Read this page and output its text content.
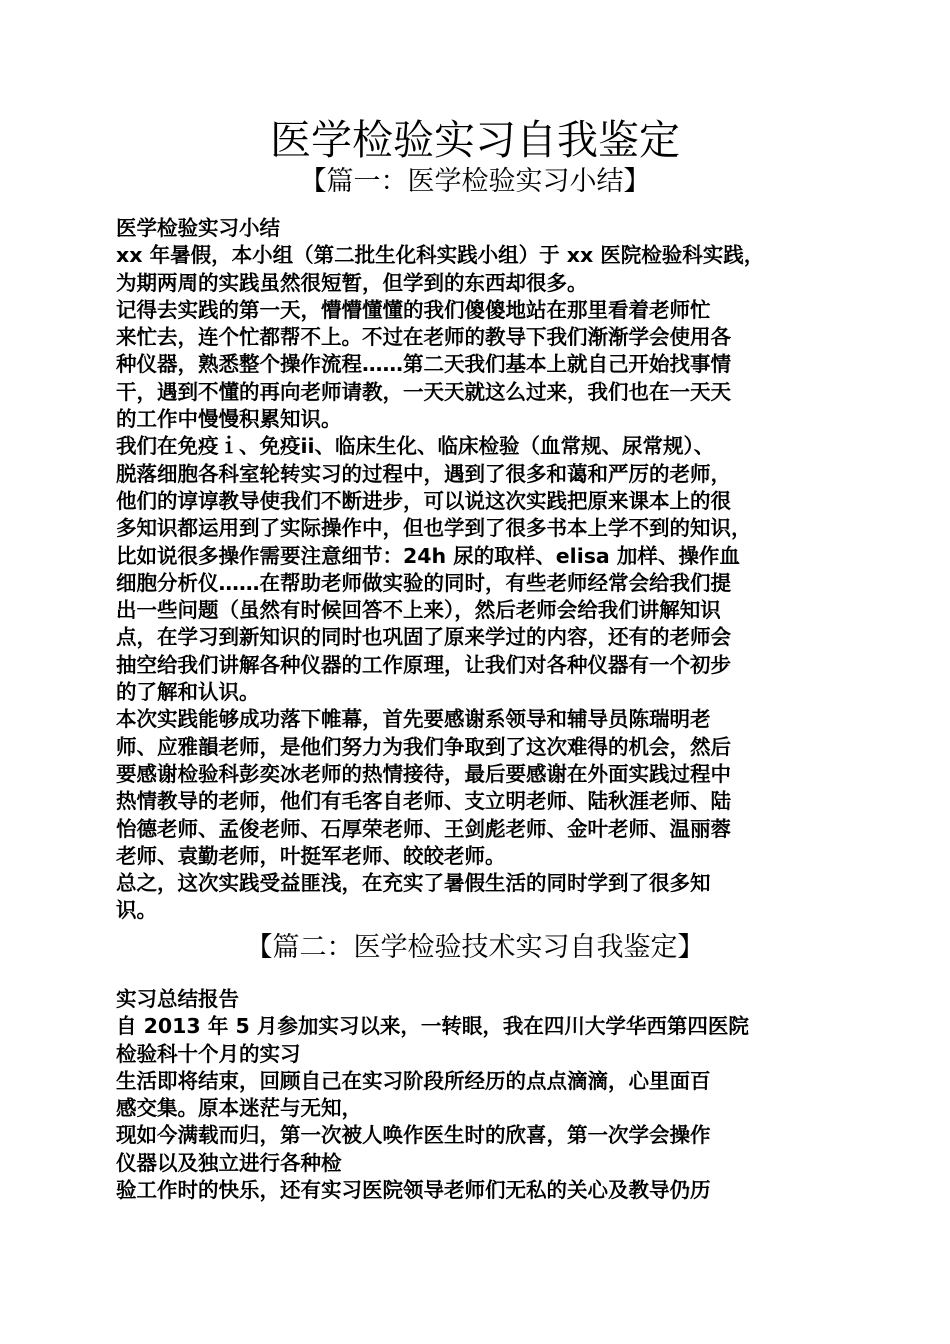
医学检验实习自我鉴定
【篇一：医学检验实习小结】
医学检验实习小结
xx 年暑假，本小组（第二批生化科实践小组）于 xx 医院检验科实践，
为期两周的实践虽然很短暂，但学到的东西却很多。
记得去实践的第一天，懵懵懂懂的我们傻傻地站在那里看着老师忙
来忙去，连个忙都帮不上。不过在老师的教导下我们渐渐学会使用各
种仪器，熟悉整个操作流程……第二天我们基本上就自己开始找事情
干，遇到不懂的再向老师请教，一天天就这么过来，我们也在一天天
的工作中慢慢积累知识。
我们在免疫ｉ、免疫ii、临床生化、临床检验（血常规、尿常规）、
脱落细胞各科室轮转实习的过程中，遇到了很多和蔼和严厉的老师，
他们的谆谆教导使我们不断进步，可以说这次实践把原来课本上的很
多知识都运用到了实际操作中，但也学到了很多书本上学不到的知识，
比如说很多操作需要注意细节：24h 尿的取样、elisa 加样、操作血
细胞分析仪……在帮助老师做实验的同时，有些老师经常会给我们提
出一些问题（虽然有时候回答不上来），然后老师会给我们讲解知识
点，在学习到新知识的同时也巩固了原来学过的内容，还有的老师会
抽空给我们讲解各种仪器的工作原理，让我们对各种仪器有一个初步
的了解和认识。
本次实践能够成功落下帷幕，首先要感谢系领导和辅导员陈瑞明老
师、应雅韻老师，是他们努力为我们争取到了这次难得的机会，然后
要感谢检验科彭奕冰老师的热情接待，最后要感谢在外面实践过程中
热情教导的老师，他们有毛客自老师、支立明老师、陆秋涯老师、陆
怡德老师、孟俊老师、石厚荣老师、王剑彪老师、金叶老师、温丽蓉
老师、袁勤老师，叶挺军老师、皎皎老师。
总之，这次实践受益匪浅，在充实了暑假生活的同时学到了很多知
识。
【篇二：医学检验技术实习自我鉴定】
实习总结报告
自 2013 年 5 月参加实习以来，一转眼，我在四川大学华西第四医院
检验科十个月的实习
生活即将结束，回顾自己在实习阶段所经历的点点滴滴，心里面百
感交集。原本迷茫与无知，
现如今满载而归，第一次被人唤作医生时的欣喜，第一次学会操作
仪器以及独立进行各种检
验工作时的快乐，还有实习医院领导老师们无私的关心及教导仍历
